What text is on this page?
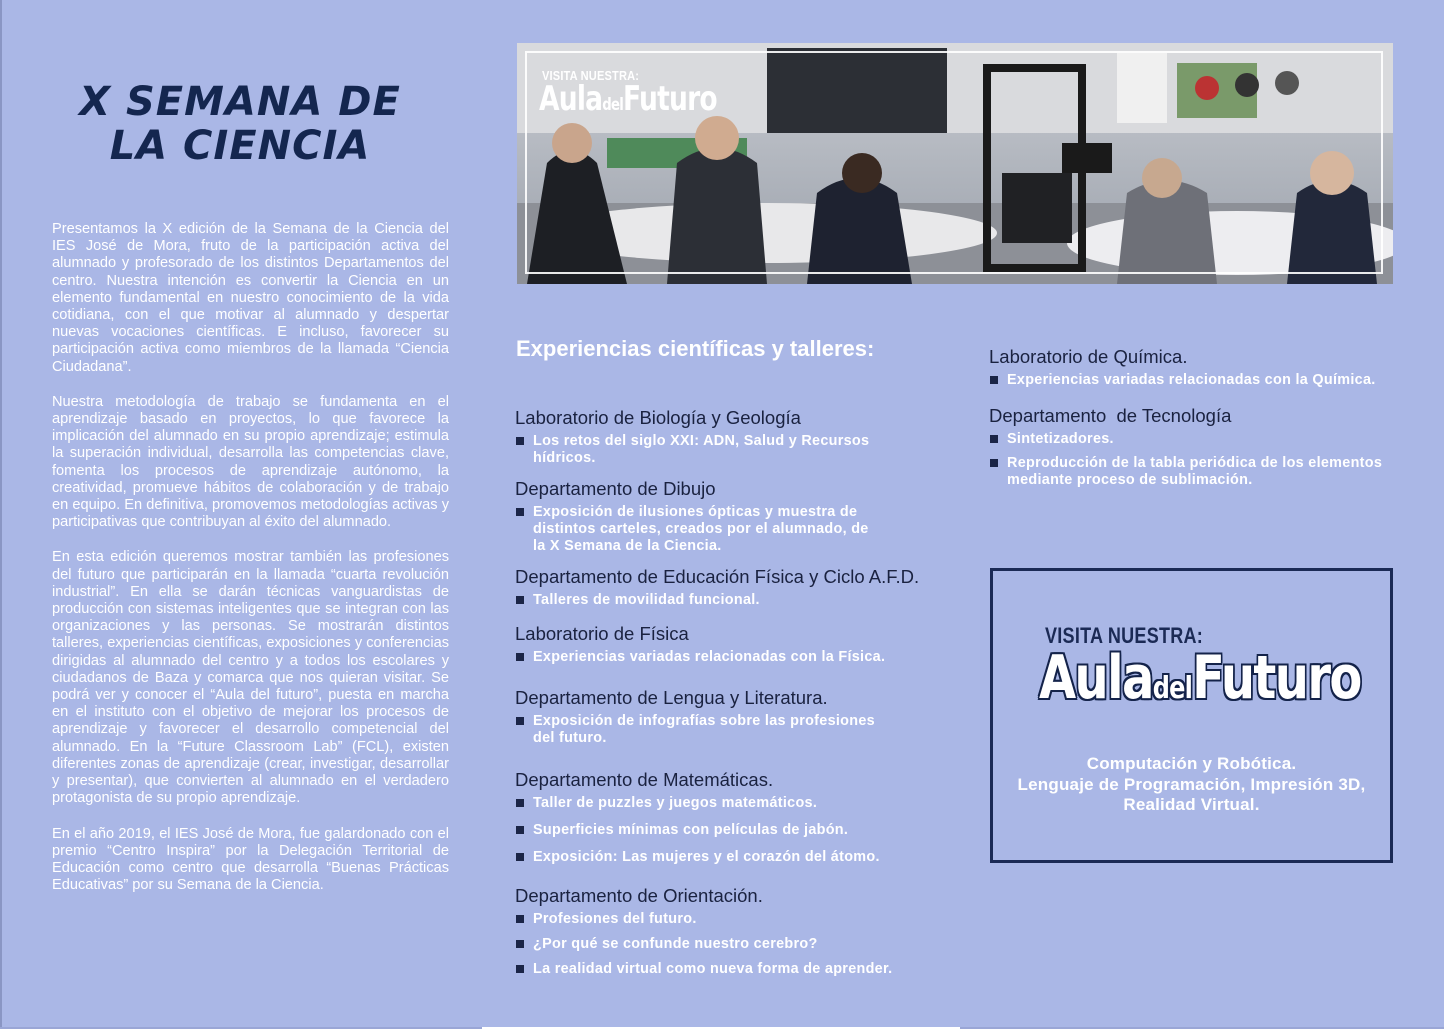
X SEMANA DE
LA CIENCIA

Presentamos la X edición de la Semana de la Ciencia del IES José de Mora, fruto de la participación activa del alumnado y profesorado de los distintos Departamentos del centro. Nuestra intención es convertir la Ciencia en un elemento fundamental en nuestro conocimiento de la vida cotidiana, con el que motivar al alumnado y despertar nuevas vocaciones científicas. E incluso, favorecer su participación activa como miembros de la llamada “Ciencia Ciudadana”.

Nuestra metodología de trabajo se fundamenta en el aprendizaje basado en proyectos, lo que favorece la implicación del alumnado en su propio aprendizaje; estimula la superación individual, desarrolla las competencias clave, fomenta los procesos de aprendizaje autónomo, la creatividad, promueve hábitos de colaboración y de trabajo en equipo. En definitiva, promovemos metodologías activas y participativas que contribuyan al éxito del alumnado.

En esta edición queremos mostrar también las profesiones del futuro que participarán en la llamada “cuarta revolución industrial”. En ella se darán técnicas vanguardistas de producción con sistemas inteligentes que se integran con las organizaciones y las personas. Se mostrarán distintos talleres, experiencias científicas, exposiciones y conferencias dirigidas al alumnado del centro y a todos los escolares y ciudadanos de Baza y comarca que nos quieran visitar. Se podrá ver y conocer el “Aula del futuro”, puesta en marcha en el instituto con el objetivo de mejorar los procesos de aprendizaje y favorecer el desarrollo competencial del alumnado. En la “Future Classroom Lab” (FCL), existen diferentes zonas de aprendizaje (crear, investigar, desarrollar y presentar), que convierten al alumnado en el verdadero protagonista de su propio aprendizaje.

En el año 2019, el IES José de Mora, fue galardonado con el premio “Centro Inspira” por la Delegación Territorial de Educación como centro que desarrolla “Buenas Prácticas Educativas” por su Semana de la Ciencia.

VISITA NUESTRA:
AuladelFuturo
Experiencias científicas y talleres:
Laboratorio de Biología y Geología
Los retos del siglo XXI: ADN, Salud y Recursos hídricos.
Departamento de Dibujo
Exposición de ilusiones ópticas y muestra de distintos carteles, creados por el alumnado, de la X Semana de la Ciencia.
Departamento de Educación Física y Ciclo A.F.D.
Talleres de movilidad funcional.
Laboratorio de Física
Experiencias variadas relacionadas con la Física.
Departamento de Lengua y Literatura.
Exposición de infografías sobre las profesiones del futuro.
Departamento de Matemáticas.
Taller de puzzles y juegos matemáticos.
Superficies mínimas con películas de jabón.
Exposición: Las mujeres y el corazón del átomo.
Departamento de Orientación.
Profesiones del futuro.
¿Por qué se confunde nuestro cerebro?
La realidad virtual como nueva forma de aprender.
Laboratorio de Química.
Experiencias variadas relacionadas con la Química.
Departamento  de Tecnología
Sintetizadores.
Reproducción de la tabla periódica de los elementos mediante proceso de sublimación.
VISITA NUESTRA:
AuladelFuturo
Computación y Robótica.
Lenguaje de Programación, Impresión 3D,
Realidad Virtual.
